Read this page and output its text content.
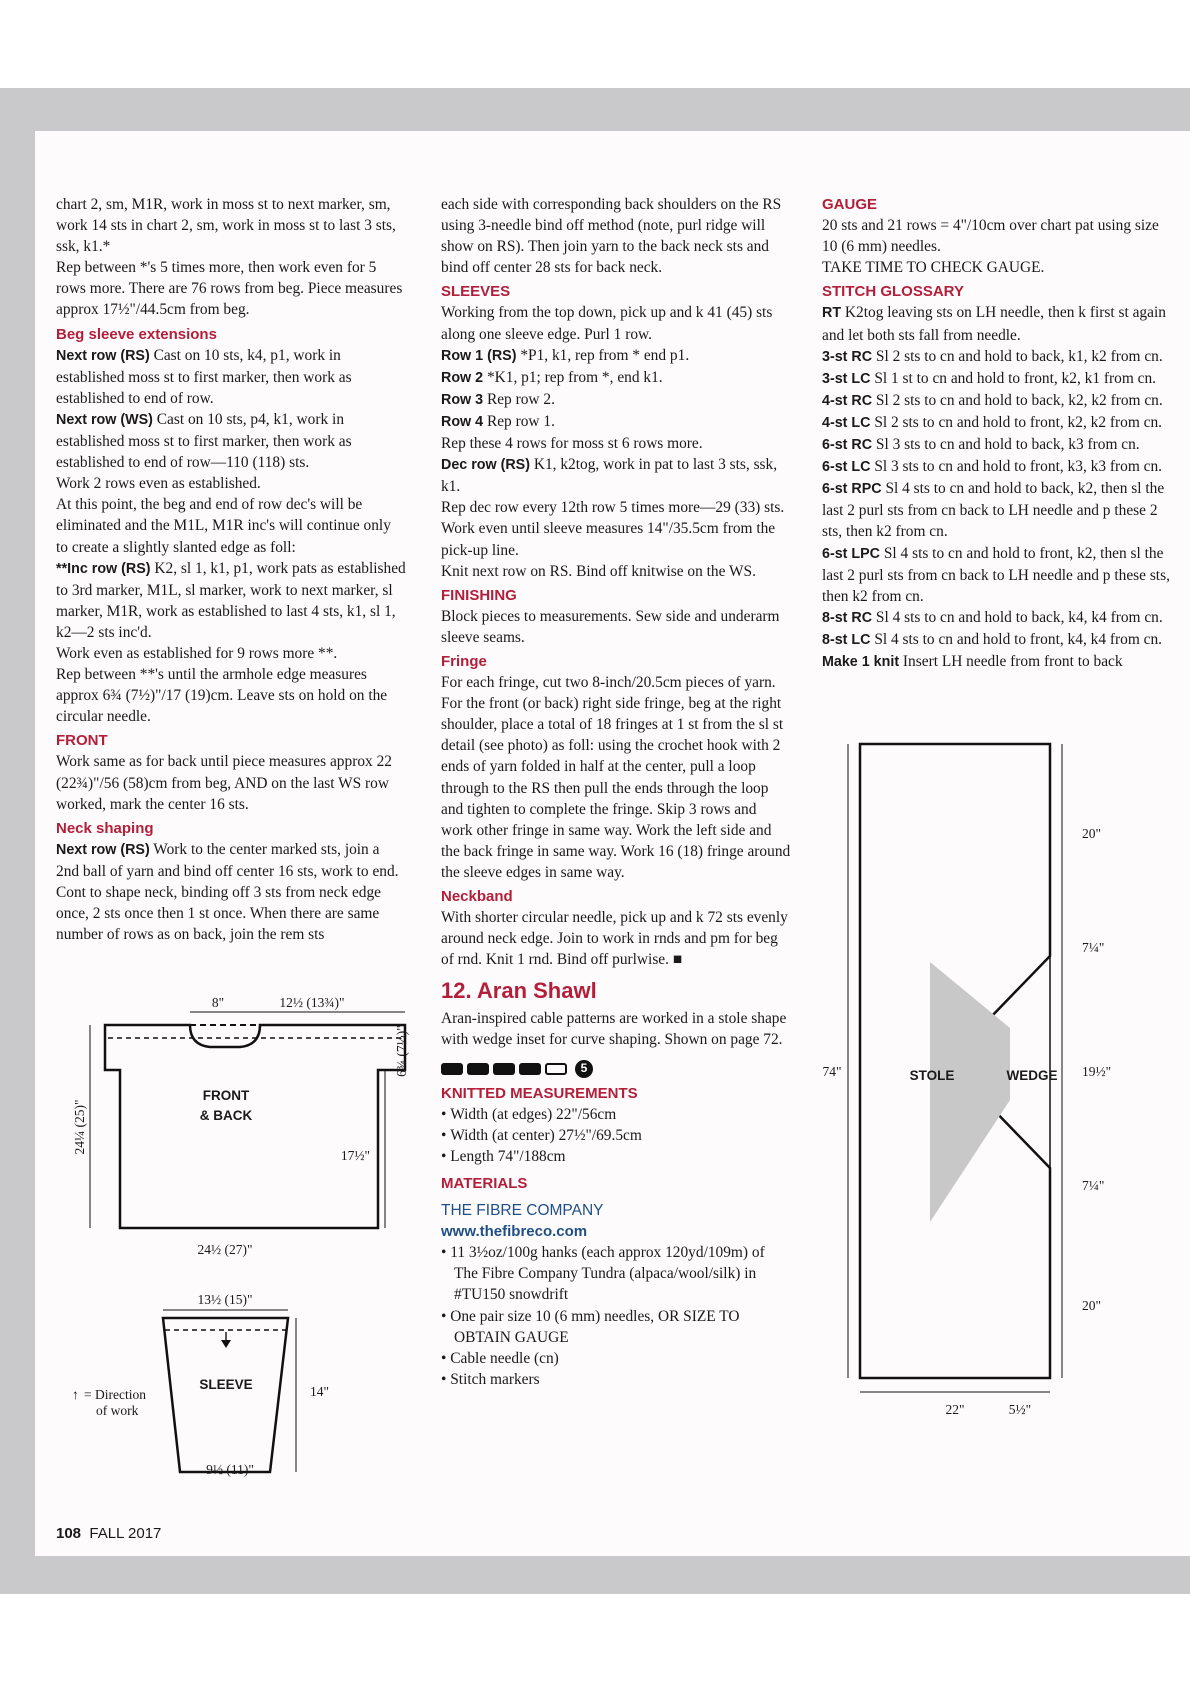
chart 2, sm, M1R, work in moss st to next marker, sm, work 14 sts in chart 2, sm, work in moss st to last 3 sts, ssk, k1.*

Rep between *'s 5 times more, then work even for 5 rows more. There are 76 rows from beg. Piece measures approx 17½"/44.5cm from beg.

Beg sleeve extensions

Next row (RS) Cast on 10 sts, k4, p1, work in established moss st to first marker, then work as established to end of row.

Next row (WS) Cast on 10 sts, p4, k1, work in established moss st to first marker, then work as established to end of row—110 (118) sts.

Work 2 rows even as established.

At this point, the beg and end of row dec's will be eliminated and the M1L, M1R inc's will continue only to create a slightly slanted edge as foll:

**Inc row (RS) K2, sl 1, k1, p1, work pats as established to 3rd marker, M1L, sl marker, work to next marker, sl marker, M1R, work as established to last 4 sts, k1, sl 1, k2—2 sts inc'd.

Work even as established for 9 rows more **.

Rep between **'s until the armhole edge measures approx 6¾ (7½)"/17 (19)cm. Leave sts on hold on the circular needle.

FRONT

Work same as for back until piece measures approx 22 (22¾)"/56 (58)cm from beg, AND on the last WS row worked, mark the center 16 sts.

Neck shaping

Next row (RS) Work to the center marked sts, join a 2nd ball of yarn and bind off center 16 sts, work to end.

Cont to shape neck, binding off 3 sts from neck edge once, 2 sts once then 1 st once. When there are same number of rows as on back, join the rem sts

each side with corresponding back shoulders on the RS using 3-needle bind off method (note, purl ridge will show on RS). Then join yarn to the back neck sts and bind off center 28 sts for back neck.

SLEEVES

Working from the top down, pick up and k 41 (45) sts along one sleeve edge. Purl 1 row.

Row 1 (RS) *P1, k1, rep from * end p1.

Row 2 *K1, p1; rep from *, end k1.

Row 3 Rep row 2.

Row 4 Rep row 1.

Rep these 4 rows for moss st 6 rows more.

Dec row (RS) K1, k2tog, work in pat to last 3 sts, ssk, k1.

Rep dec row every 12th row 5 times more—29 (33) sts. Work even until sleeve measures 14"/35.5cm from the pick-up line.

Knit next row on RS. Bind off knitwise on the WS.

FINISHING

Block pieces to measurements. Sew side and underarm sleeve seams.

Fringe

For each fringe, cut two 8-inch/20.5cm pieces of yarn. For the front (or back) right side fringe, beg at the right shoulder, place a total of 18 fringes at 1 st from the sl st detail (see photo) as foll: using the crochet hook with 2 ends of yarn folded in half at the center, pull a loop through to the RS then pull the ends through the loop and tighten to complete the fringe. Skip 3 rows and work other fringe in same way. Work the left side and the back fringe in same way. Work 16 (18) fringe around the sleeve edges in same way.

Neckband

With shorter circular needle, pick up and k 72 sts evenly around neck edge. Join to work in rnds and pm for beg of rnd. Knit 1 rnd. Bind off purlwise. ■

12. Aran Shawl

Aran-inspired cable patterns are worked in a stole shape with wedge inset for curve shaping. Shown on page 72.

5

KNITTED MEASUREMENTS

• Width (at edges) 22"/56cm
• Width (at center) 27½"/69.5cm
• Length 74"/188cm

MATERIALS

THE FIBRE COMPANY

www.thefibreco.com

• 11 3½oz/100g hanks (each approx 120yd/109m) of The Fibre Company Tundra (alpaca/wool/silk) in #TU150 snowdrift
• One pair size 10 (6 mm) needles, OR SIZE TO OBTAIN GAUGE
• Cable needle (cn)
• Stitch markers

GAUGE

20 sts and 21 rows = 4"/10cm over chart pat using size 10 (6 mm) needles.

TAKE TIME TO CHECK GAUGE.

STITCH GLOSSARY

RT K2tog leaving sts on LH needle, then k first st again and let both sts fall from needle.

3-st RC Sl 2 sts to cn and hold to back, k1, k2 from cn.

3-st LC Sl 1 st to cn and hold to front, k2, k1 from cn.

4-st RC Sl 2 sts to cn and hold to back, k2, k2 from cn.

4-st LC Sl 2 sts to cn and hold to front, k2, k2 from cn.

6-st RC Sl 3 sts to cn and hold to back, k3 from cn.

6-st LC Sl 3 sts to cn and hold to front, k3, k3 from cn.

6-st RPC Sl 4 sts to cn and hold to back, k2, then sl the last 2 purl sts from cn back to LH needle and p these 2 sts, then k2 from cn.

6-st LPC Sl 4 sts to cn and hold to front, k2, then sl the last 2 purl sts from cn back to LH needle and p these sts, then k2 from cn.

8-st RC Sl 4 sts to cn and hold to back, k4, k4 from cn.

8-st LC Sl 4 sts to cn and hold to front, k4, k4 from cn.

Make 1 knit Insert LH needle from front to back

8"	12½ (13¾)"
6¾ (7½)"
24¼ (25)"
17½"
FRONT
& BACK
24½ (27)"
13½ (15)"
SLEEVE	14"
↑ = Direction
of work
9½ (11)"
74"
20"
7¼"
19½"
7¼"
20"
22"	5½"
STOLE	WEDGE
108 FALL 2017
